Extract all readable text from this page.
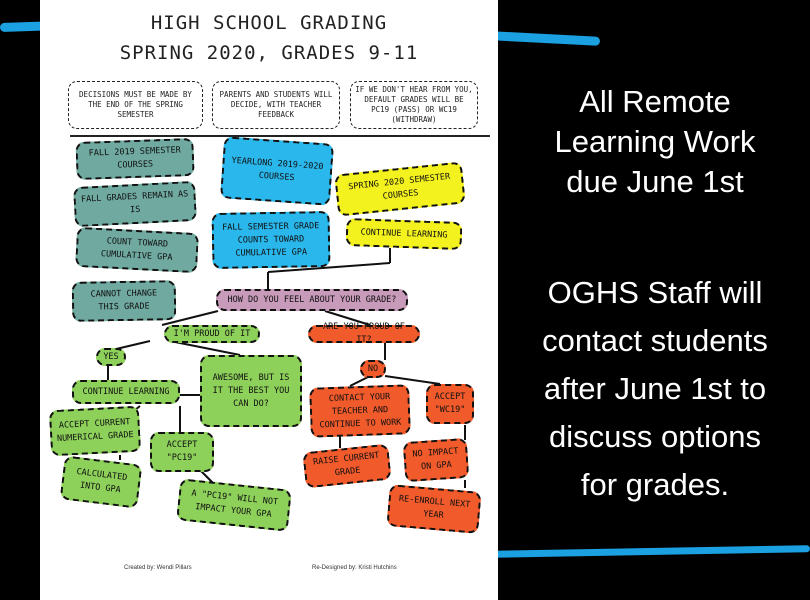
HIGH SCHOOL GRADING
SPRING 2020, GRADES 9-11
DECISIONS MUST BE MADE BY THE END OF THE SPRING SEMESTER
PARENTS AND STUDENTS WILL DECIDE, WITH TEACHER FEEDBACK
IF WE DON'T HEAR FROM YOU, DEFAULT GRADES WILL BE PC19 (PASS) OR WC19 (WITHDRAW)
FALL 2019 SEMESTER COURSES
FALL GRADES REMAIN AS IS
COUNT TOWARD CUMULATIVE GPA
CANNOT CHANGE THIS GRADE
YEARLONG 2019-2020 COURSES
FALL SEMESTER GRADE COUNTS TOWARD CUMULATIVE GPA
SPRING 2020 SEMESTER COURSES
CONTINUE LEARNING
HOW DO YOU FEEL ABOUT YOUR GRADE?
I'M PROUD OF IT
ARE YOU PROUD OF IT?
YES
NO
AWESOME, BUT IS IT THE BEST YOU CAN DO?
CONTINUE LEARNING
ACCEPT CURRENT NUMERICAL GRADE
CALCULATED INTO GPA
ACCEPT "PC19"
A "PC19" WILL NOT IMPACT YOUR GPA
CONTACT YOUR TEACHER AND CONTINUE TO WORK
RAISE CURRENT GRADE
ACCEPT "WC19"
NO IMPACT ON GPA
RE-ENROLL NEXT YEAR
Created by: Wendi Pillars	Re-Designed by: Kristi Hutchins
All Remote
Learning Work
due June 1st
OGHS Staff will
contact students
after June 1st to
discuss options
for grades.
